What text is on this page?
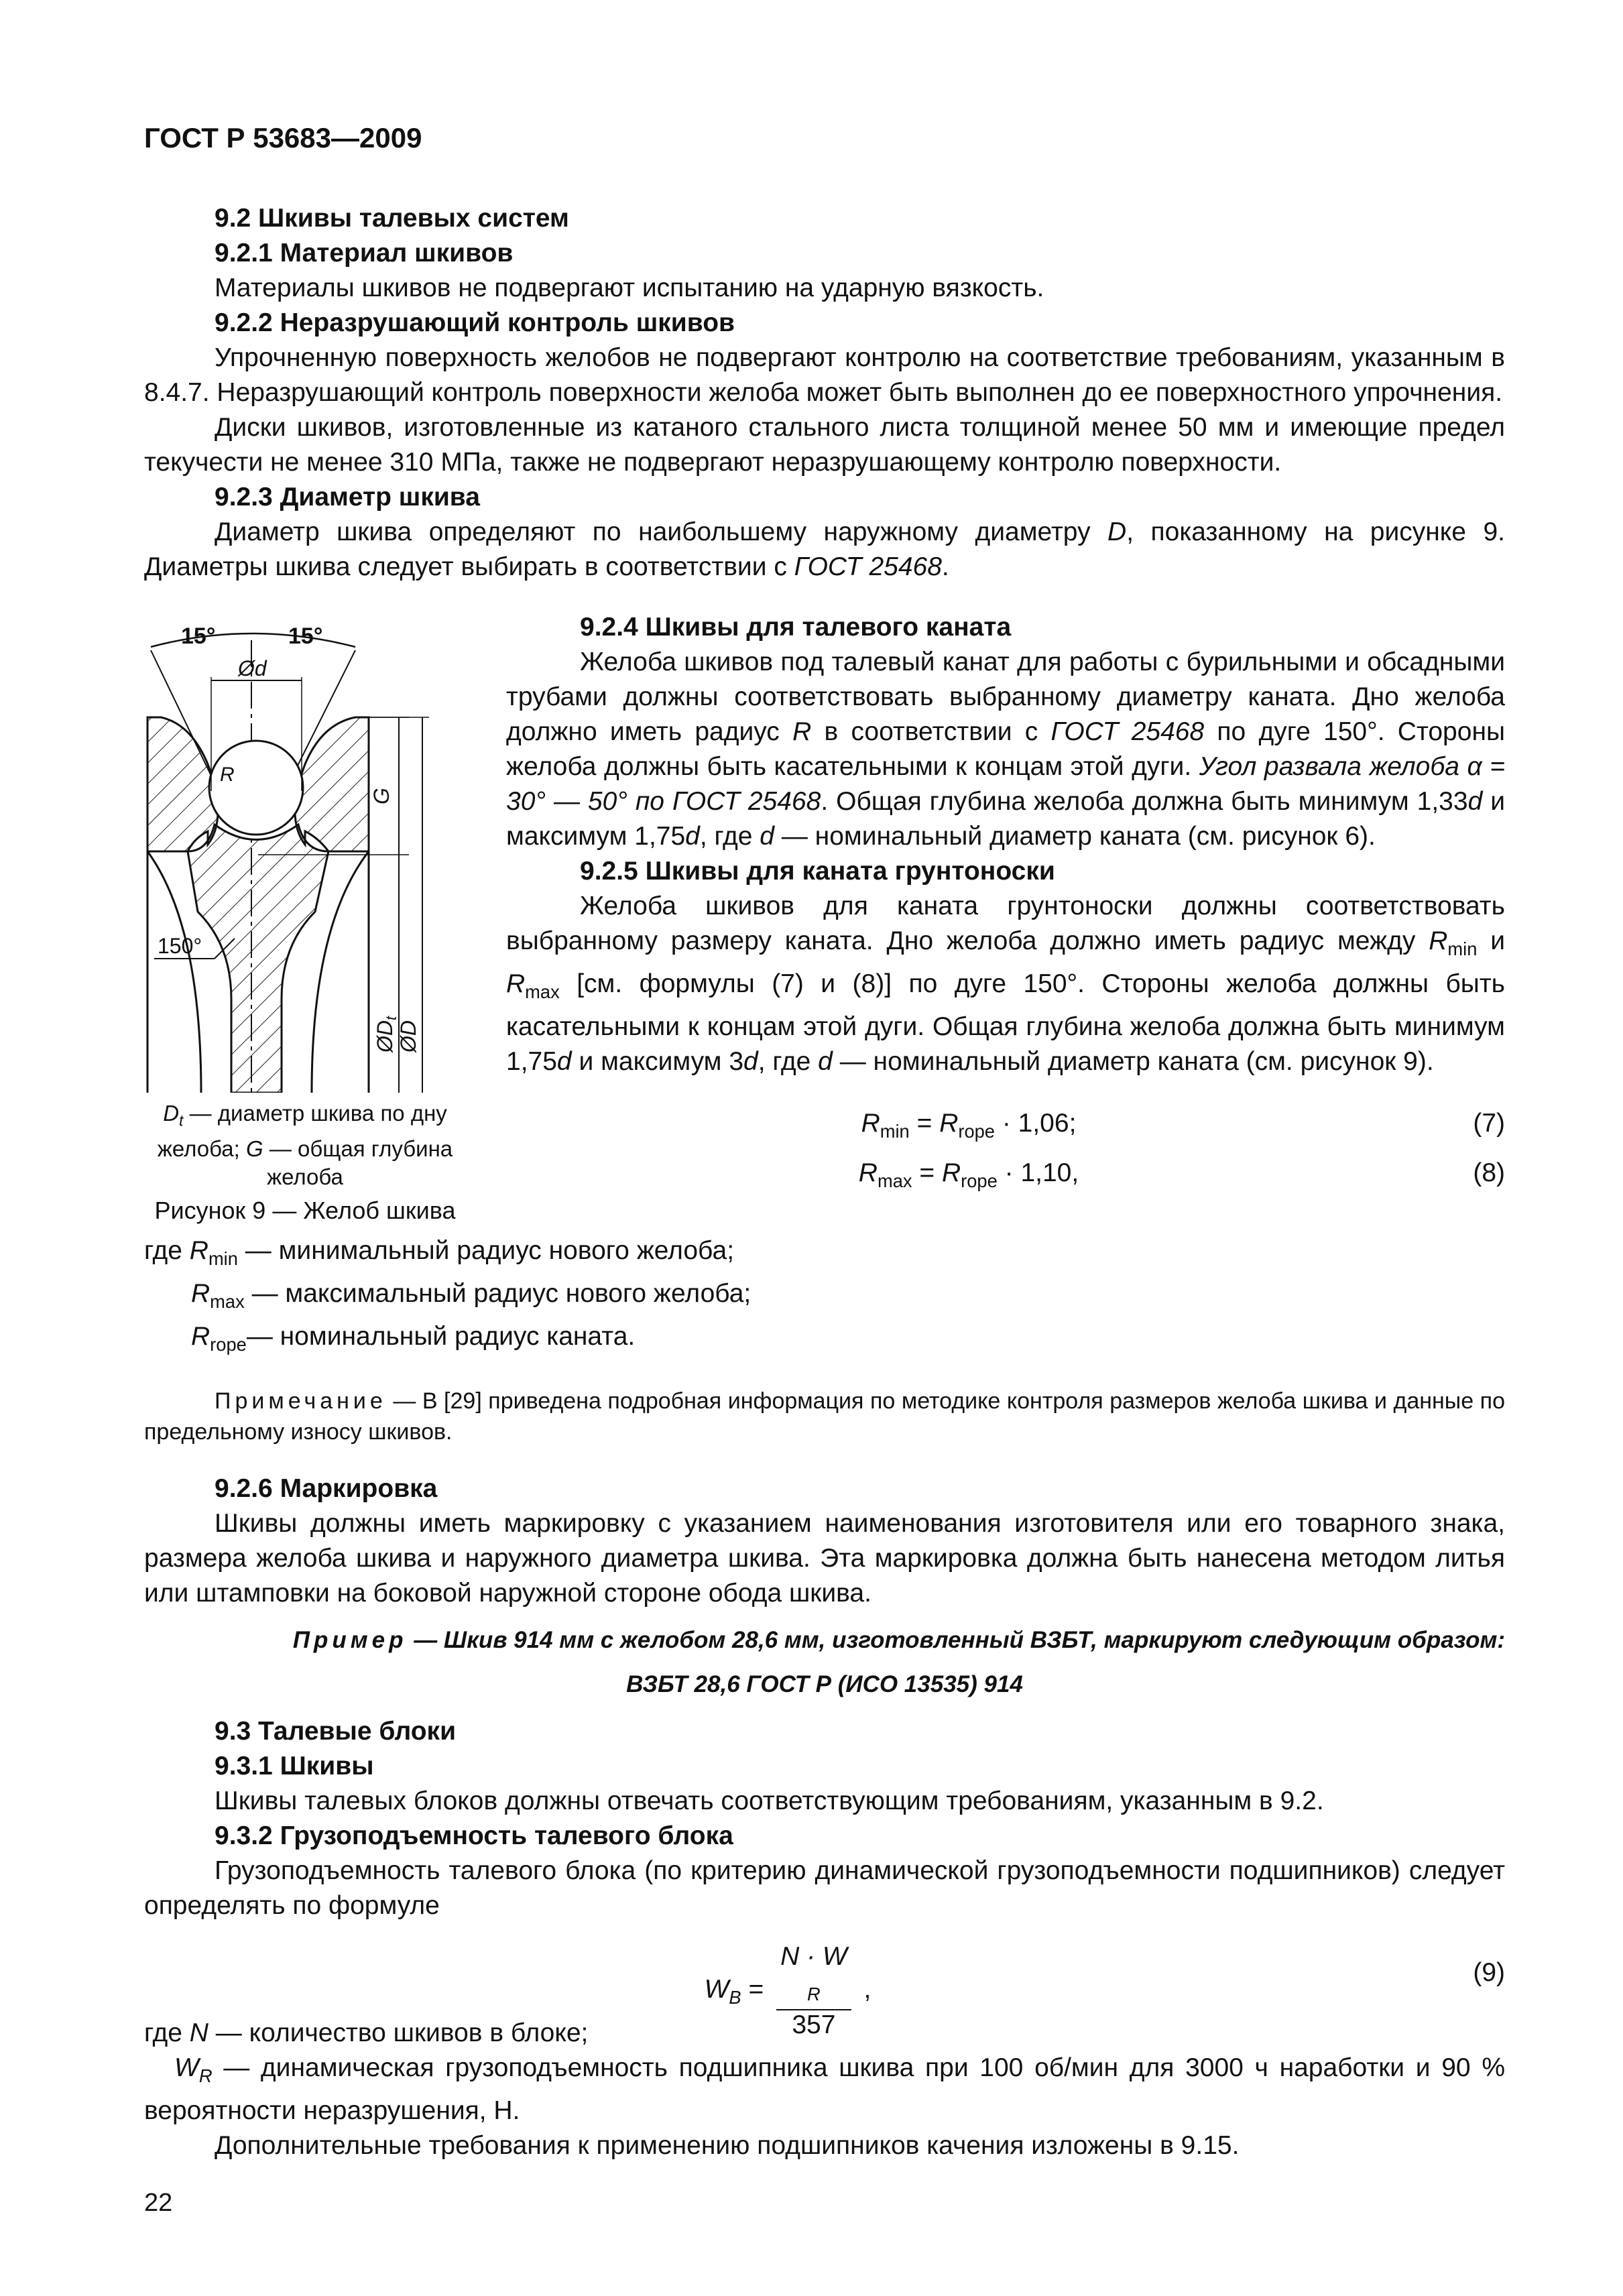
ГОСТ Р 53683—2009

9.2 Шкивы талевых систем

9.2.1 Материал шкивов

Материалы шкивов не подвергают испытанию на ударную вязкость.

9.2.2 Неразрушающий контроль шкивов

Упрочненную поверхность желобов не подвергают контролю на соответствие требованиям, указанным в 8.4.7. Неразрушающий контроль поверхности желоба может быть выполнен до ее поверхностного упрочнения.

Диски шкивов, изготовленные из катаного стального листа толщиной менее 50 мм и имеющие предел текучести не менее 310 МПа, также не подвергают неразрушающему контролю поверхности.

9.2.3 Диаметр шкива

Диаметр шкива определяют по наибольшему наружному диаметру D, показанному на рисунке 9. Диаметры шкива следует выбирать в соответствии с ГОСТ 25468.

15°	15°
Ød
R
G
150°
ØDt
ØD
$D_t$ — диаметр шкива по дну желоба; G — общая глубина желоба
Рисунок 9 — Желоб шкива

9.2.4 Шкивы для талевого каната

Желоба шкивов под талевый канат для работы с бурильными и обсадными трубами должны соответствовать выбранному диаметру каната. Дно желоба должно иметь радиус R в соответствии с ГОСТ 25468 по дуге 150°. Стороны желоба должны быть касательными к концам этой дуги. Угол развала желоба α = 30° — 50° по ГОСТ 25468. Общая глубина желоба должна быть минимум 1,33d и максимум 1,75d, где d — номинальный диаметр каната (см. рисунок 6).

9.2.5 Шкивы для каната грунтоноски

Желоба шкивов для каната грунтоноски должны соответствовать выбранному размеру каната. Дно желоба должно иметь радиус между $R_{min}$ и $R_{max}$ [см. формулы (7) и (8)] по дуге 150°. Стороны желоба должны быть касательными к концам этой дуги. Общая глубина желоба должна быть минимум 1,75d и максимум 3d, где d — номинальный диаметр каната (см. рисунок 9).

$R_{min} = R_{rope} \cdot 1,06$;	(7)
$R_{max} = R_{rope} \cdot 1,10$,	(8)

где $R_{min}$ — минимальный радиус нового желоба;

$R_{max}$ — максимальный радиус нового желоба;

$R_{rope}—$ номинальный радиус каната.

Примечание — В [29] приведена подробная информация по методике контроля размеров желоба шкива и данные по предельному износу шкивов.

9.2.6 Маркировка

Шкивы должны иметь маркировку с указанием наименования изготовителя или его товарного знака, размера желоба шкива и наружного диаметра шкива. Эта маркировка должна быть нанесена методом литья или штамповки на боковой наружной стороне обода шкива.

Пример — Шкив 914 мм с желобом 28,6 мм, изготовленный ВЗБТ, маркируют следующим образом:

ВЗБТ 28,6 ГОСТ Р (ИСО 13535) 914

9.3 Талевые блоки

9.3.1 Шкивы

Шкивы талевых блоков должны отвечать соответствующим требованиям, указанным в 9.2.

9.3.2 Грузоподъемность талевого блока

Грузоподъемность талевого блока (по критерию динамической грузоподъемности подшипников) следует определять по формуле

$W_B = N \cdot W$
$_R$
357 ,
(9)

где N — количество шкивов в блоке;

$W_R$ — динамическая грузоподъемность подшипника шкива при 100 об/мин для 3000 ч наработки и 90 % вероятности неразрушения, Н.

Дополнительные требования к применению подшипников качения изложены в 9.15.

22
